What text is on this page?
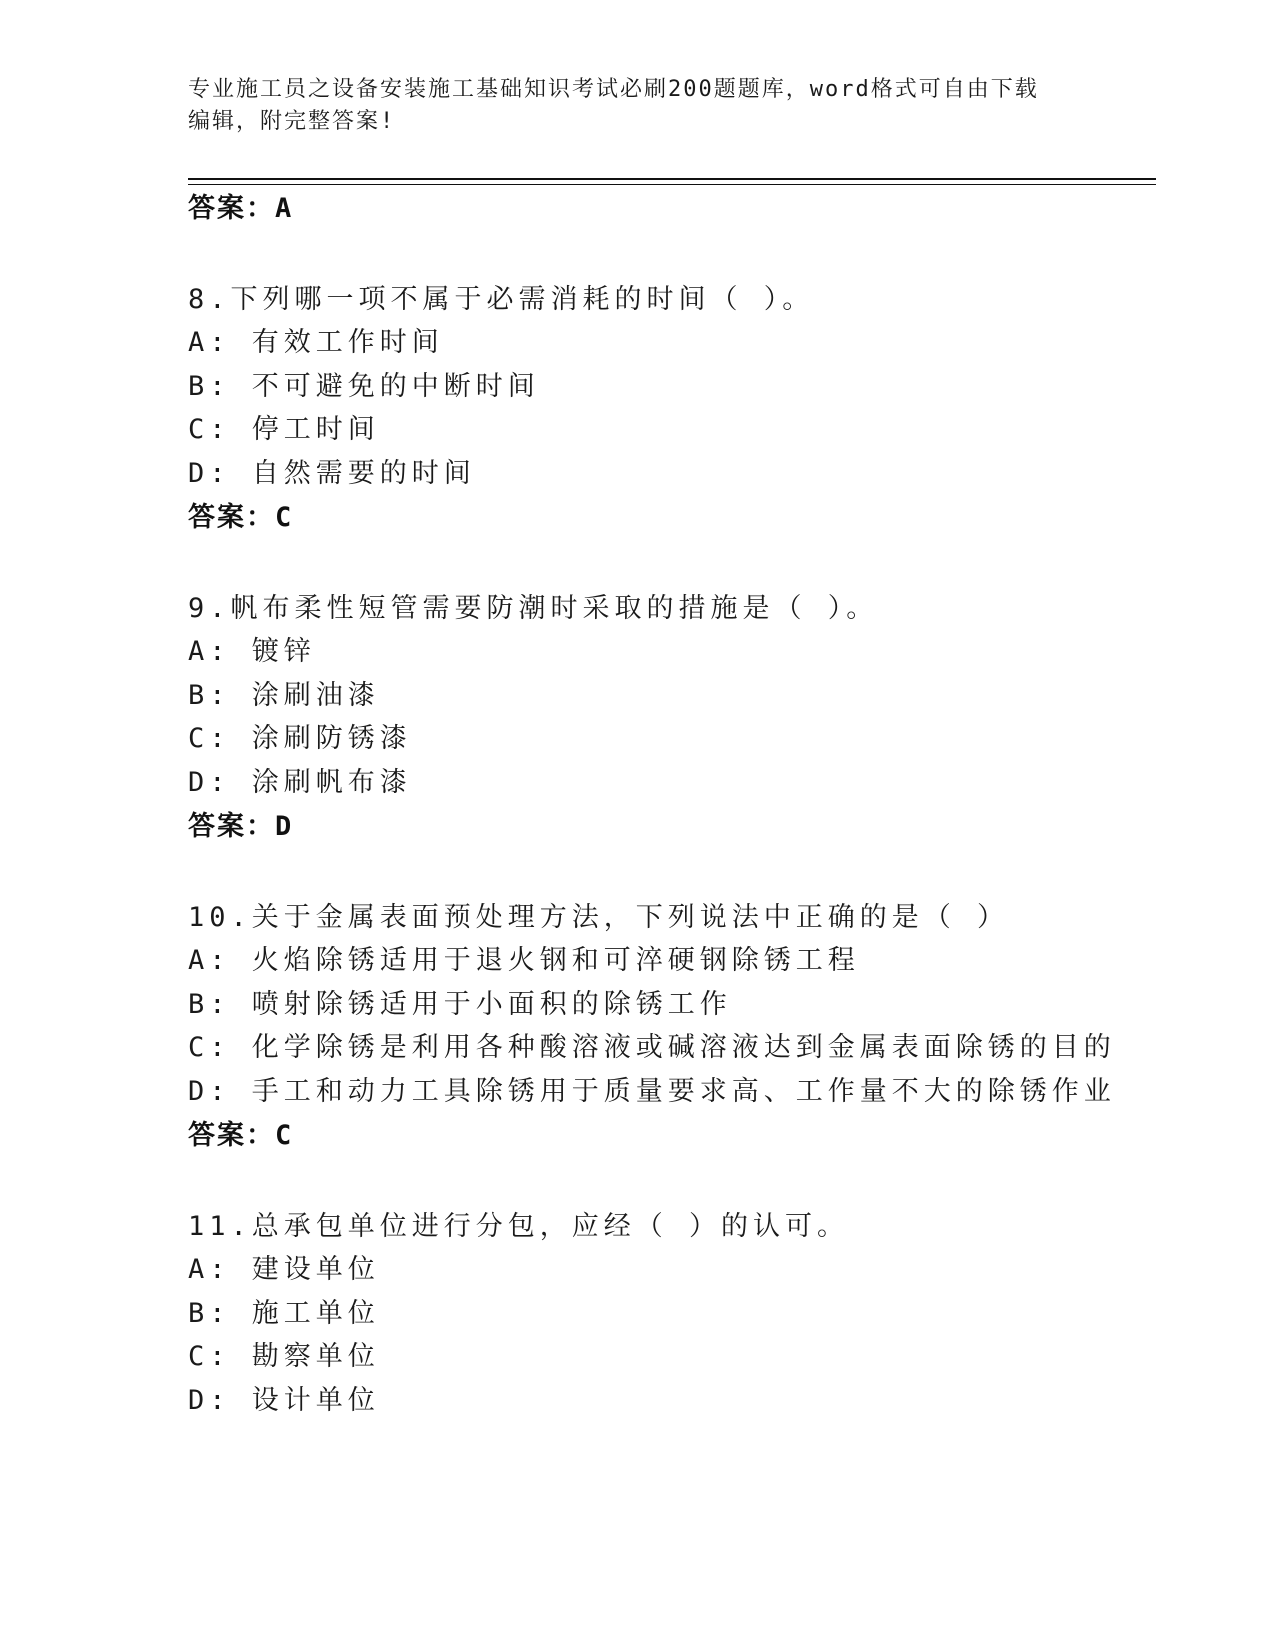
专业施工员之设备安装施工基础知识考试必刷200题题库，word格式可自由下载
编辑，附完整答案!
答案：A
8.下列哪一项不属于必需消耗的时间（ ）。
A: 有效工作时间
B: 不可避免的中断时间
C: 停工时间
D: 自然需要的时间
答案：C
9.帆布柔性短管需要防潮时采取的措施是（ ）。
A: 镀锌
B: 涂刷油漆
C: 涂刷防锈漆
D: 涂刷帆布漆
答案：D
10.关于金属表面预处理方法，下列说法中正确的是（ ）
A: 火焰除锈适用于退火钢和可淬硬钢除锈工程
B: 喷射除锈适用于小面积的除锈工作
C: 化学除锈是利用各种酸溶液或碱溶液达到金属表面除锈的目的
D: 手工和动力工具除锈用于质量要求高、工作量不大的除锈作业
答案：C
11.总承包单位进行分包，应经（ ）的认可。
A: 建设单位
B: 施工单位
C: 勘察单位
D: 设计单位
